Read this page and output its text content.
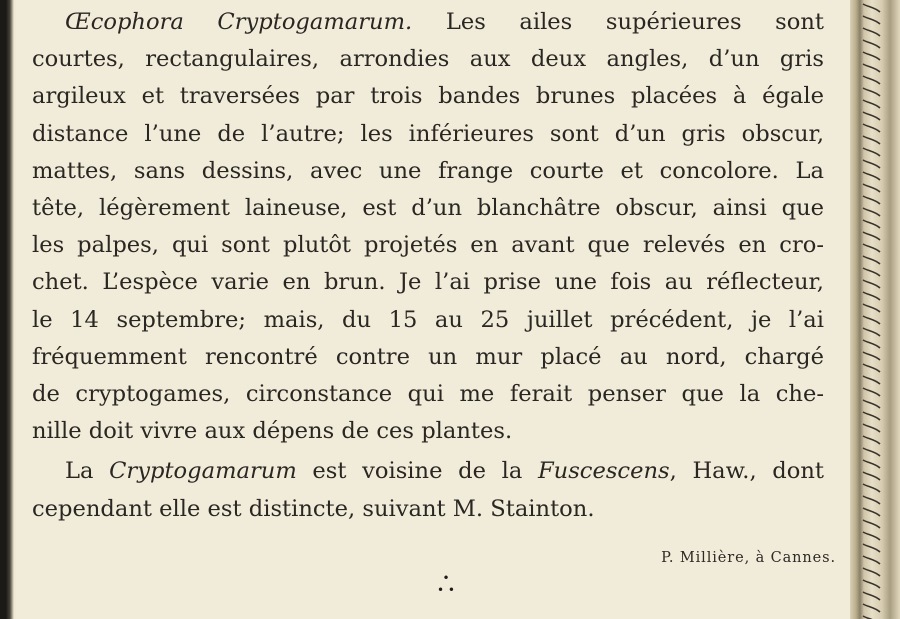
Œcophora Cryptogamarum. Les ailes supérieures sont
courtes, rectangulaires, arrondies aux deux angles, d’un gris
argileux et traversées par trois bandes brunes placées à égale
distance l’une de l’autre; les inférieures sont d’un gris obscur,
mattes, sans dessins, avec une frange courte et concolore. La
tête, légèrement laineuse, est d’un blanchâtre obscur, ainsi que
les palpes, qui sont plutôt projetés en avant que relevés en cro-
chet. L’espèce varie en brun. Je l’ai prise une fois au réflecteur,
le 14 septembre; mais, du 15 au 25 juillet précédent, je l’ai
fréquemment rencontré contre un mur placé au nord, chargé
de cryptogames, circonstance qui me ferait penser que la che-
nille doit vivre aux dépens de ces plantes.
La Cryptogamarum est voisine de la Fuscescens, Haw., dont
cependant elle est distincte, suivant M. Stainton.
P. Millière, à Cannes.
•
• •
